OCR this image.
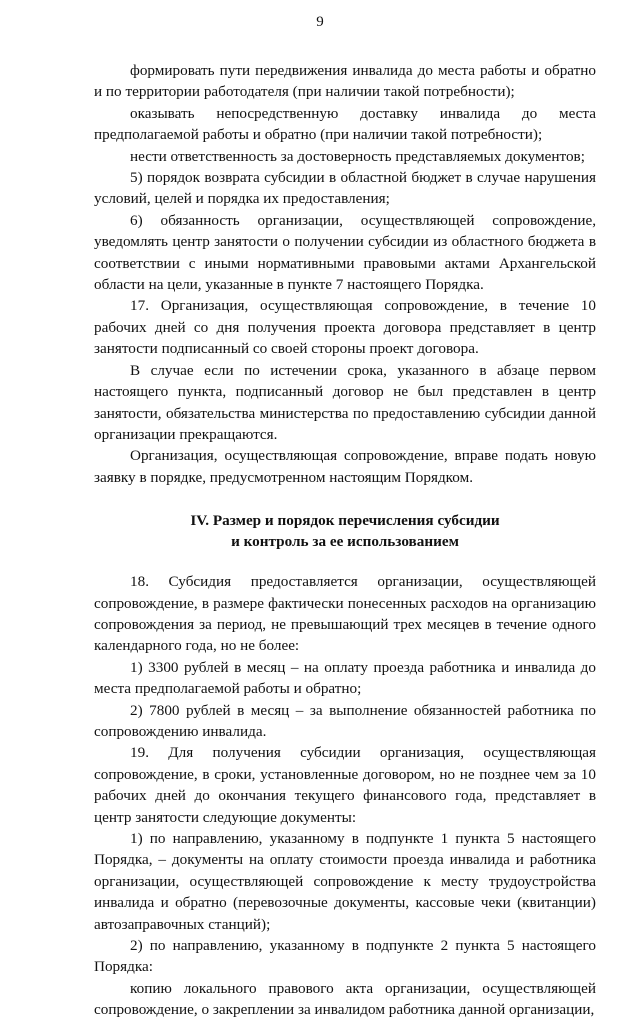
9

формировать пути передвижения инвалида до места работы и обратно и по территории работодателя (при наличии такой потребности);

оказывать непосредственную доставку инвалида до места предполагаемой работы и обратно (при наличии такой потребности);

нести ответственность за достоверность представляемых документов;

5) порядок возврата субсидии в областной бюджет в случае нарушения условий, целей и порядка их предоставления;

6) обязанность организации, осуществляющей сопровождение, уведомлять центр занятости о получении субсидии из областного бюджета в соответствии с иными нормативными правовыми актами Архангельской области на цели, указанные в пункте 7 настоящего Порядка.

17. Организация, осуществляющая сопровождение, в течение 10 рабочих дней со дня получения проекта договора представляет в центр занятости подписанный со своей стороны проект договора.

В случае если по истечении срока, указанного в абзаце первом настоящего пункта, подписанный договор не был представлен в центр занятости, обязательства министерства по предоставлению субсидии данной организации прекращаются.

Организация, осуществляющая сопровождение, вправе подать новую заявку в порядке, предусмотренном настоящим Порядком.

IV. Размер и порядок перечисления субсидии
и контроль за ее использованием

18. Субсидия предоставляется организации, осуществляющей сопровождение, в размере фактически понесенных расходов на организацию сопровождения за период, не превышающий трех месяцев в течение одного календарного года, но не более:

1) 3300 рублей в месяц – на оплату проезда работника и инвалида до места предполагаемой работы и обратно;

2) 7800 рублей в месяц – за выполнение обязанностей работника по сопровождению инвалида.

19. Для получения субсидии организация, осуществляющая сопровождение, в сроки, установленные договором, но не позднее чем за 10 рабочих дней до окончания текущего финансового года, представляет в центр занятости следующие документы:

1) по направлению, указанному в подпункте 1 пункта 5 настоящего Порядка, – документы на оплату стоимости проезда инвалида и работника организации, осуществляющей сопровождение к месту трудоустройства инвалида и обратно (перевозочные документы, кассовые чеки (квитанции) автозаправочных станций);

2) по направлению, указанному в подпункте 2 пункта 5 настоящего Порядка:

копию локального правового акта организации, осуществляющей сопровождение, о закреплении за инвалидом работника данной организации,
